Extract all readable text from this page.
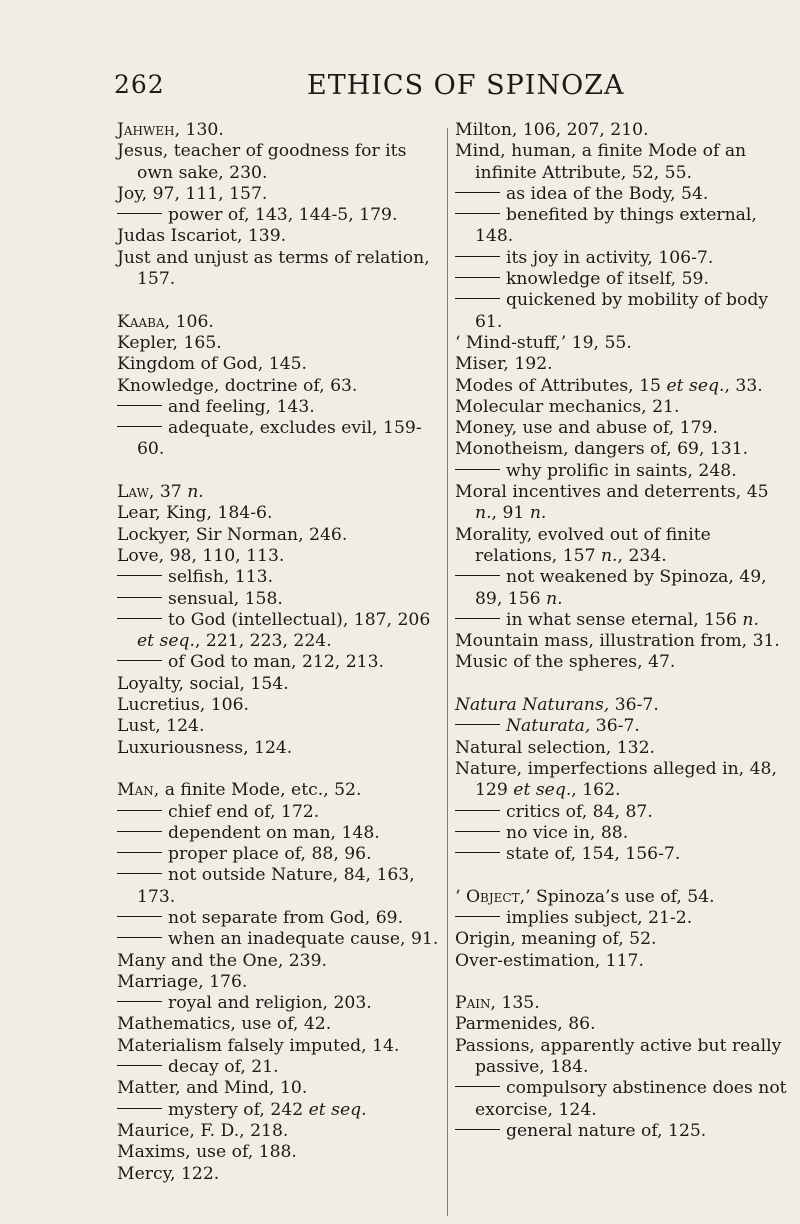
262	ETHICS OF SPINOZA

Jahweh, 130.

Jesus, teacher of goodness for its own sake, 230.

Joy, 97, 111, 157.

power of, 143, 144-5, 179.

Judas Iscariot, 139.

Just and unjust as terms of relation, 157.

Kaaba, 106.

Kepler, 165.

Kingdom of God, 145.

Knowledge, doctrine of, 63.

and feeling, 143.

adequate, excludes evil, 159-60.

Law, 37 n.

Lear, King, 184-6.

Lockyer, Sir Norman, 246.

Love, 98, 110, 113.

selfish, 113.

sensual, 158.

to God (intellectual), 187, 206 et seq., 221, 223, 224.

of God to man, 212, 213.

Loyalty, social, 154.

Lucretius, 106.

Lust, 124.

Luxuriousness, 124.

Man, a finite Mode, etc., 52.

chief end of, 172.

dependent on man, 148.

proper place of, 88, 96.

not outside Nature, 84, 163, 173.

not separate from God, 69.

when an inadequate cause, 91.

Many and the One, 239.

Marriage, 176.

royal and religion, 203.

Mathematics, use of, 42.

Materialism falsely imputed, 14.

decay of, 21.

Matter, and Mind, 10.

mystery of, 242 et seq.

Maurice, F. D., 218.

Maxims, use of, 188.

Mercy, 122.

Milton, 106, 207, 210.

Mind, human, a finite Mode of an infinite Attribute, 52, 55.

as idea of the Body, 54.

benefited by things external, 148.

its joy in activity, 106-7.

knowledge of itself, 59.

quickened by mobility of body 61.

‘ Mind-stuff,’ 19, 55.

Miser, 192.

Modes of Attributes, 15 et seq., 33.

Molecular mechanics, 21.

Money, use and abuse of, 179.

Monotheism, dangers of, 69, 131.

why prolific in saints, 248.

Moral incentives and deterrents, 45 n., 91 n.

Morality, evolved out of finite relations, 157 n., 234.

not weakened by Spinoza, 49, 89, 156 n.

in what sense eternal, 156 n.

Mountain mass, illustration from, 31.

Music of the spheres, 47.

Natura Naturans, 36-7.

Naturata, 36-7.

Natural selection, 132.

Nature, imperfections alleged in, 48, 129 et seq., 162.

critics of, 84, 87.

no vice in, 88.

state of, 154, 156-7.

‘ Object,’ Spinoza’s use of, 54.

implies subject, 21-2.

Origin, meaning of, 52.

Over-estimation, 117.

Pain, 135.

Parmenides, 86.

Passions, apparently active but really passive, 184.

compulsory abstinence does not exorcise, 124.

general nature of, 125.
